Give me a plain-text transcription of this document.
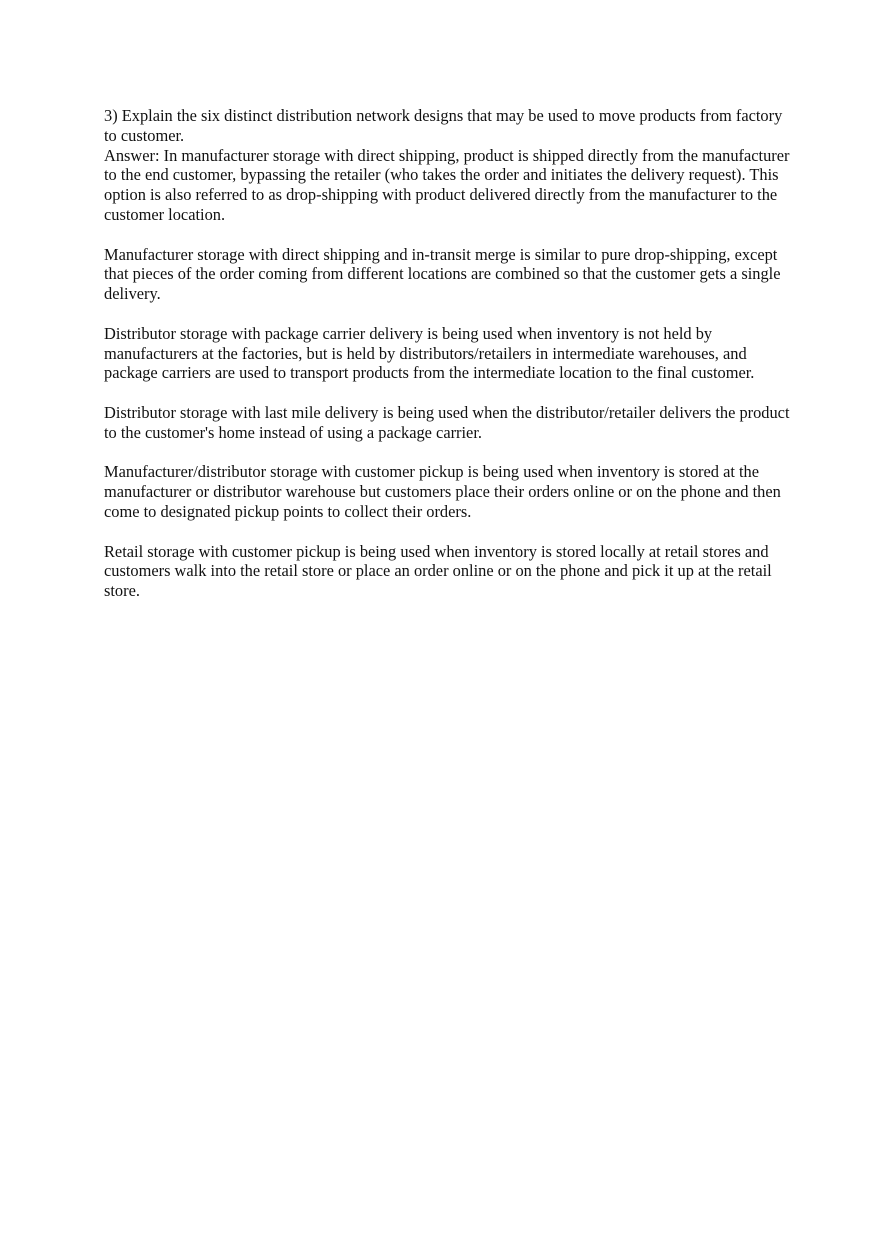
3) Explain the six distinct distribution network designs that may be used to move products from factory to customer.

Answer: In manufacturer storage with direct shipping, product is shipped directly from the manufacturer to the end customer, bypassing the retailer (who takes the order and initiates the delivery request). This option is also referred to as drop-shipping with product delivered directly from the manufacturer to the customer location.

Manufacturer storage with direct shipping and in-transit merge is similar to pure drop-shipping, except that pieces of the order coming from different locations are combined so that the customer gets a single delivery.

Distributor storage with package carrier delivery is being used when inventory is not held by manufacturers at the factories, but is held by distributors/retailers in intermediate warehouses, and package carriers are used to transport products from the intermediate location to the final customer.

Distributor storage with last mile delivery is being used when the distributor/retailer delivers the product to the customer's home instead of using a package carrier.

Manufacturer/distributor storage with customer pickup is being used when inventory is stored at the manufacturer or distributor warehouse but customers place their orders online or on the phone and then come to designated pickup points to collect their orders.

Retail storage with customer pickup is being used when inventory is stored locally at retail stores and customers walk into the retail store or place an order online or on the phone and pick it up at the retail store.
